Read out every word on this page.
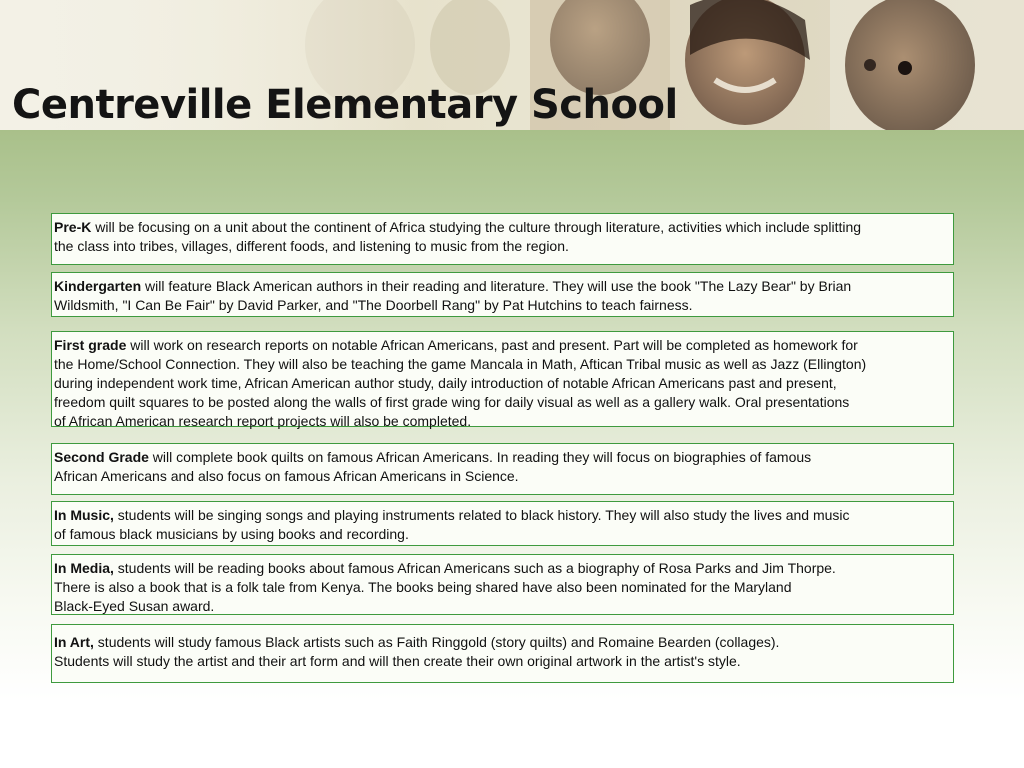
Centreville Elementary School
Pre-K will be focusing on a unit about the continent of Africa studying the culture through literature, activities which include splitting
the class into tribes, villages, different foods, and listening to music from the region.
Kindergarten will feature Black American authors in their reading and literature. They will use the book "The Lazy Bear" by Brian
Wildsmith, "I Can Be Fair" by David Parker, and "The Doorbell Rang" by Pat Hutchins to teach fairness.
First grade will work on research reports on notable African Americans, past and present. Part will be completed as homework for
the Home/School Connection. They will also be teaching the game Mancala in Math, Aftican Tribal music as well as Jazz (Ellington)
during independent work time, African American author study, daily introduction of notable African Americans past and present,
freedom quilt squares to be posted along the walls of first grade wing for daily visual as well as a gallery walk. Oral presentations
of African American research report projects will also be completed.
Second Grade will complete book quilts on famous African Americans. In reading they will focus on biographies of famous
African Americans and also focus on famous African Americans in Science.
In Music, students will be singing songs and playing instruments related to black history. They will also study the lives and music
of famous black musicians by using books and recording.
In Media, students will be reading books about famous African Americans such as a biography of Rosa Parks and Jim Thorpe.
There is also a book that is a folk tale from Kenya. The books being shared have also been nominated for the Maryland
Black-Eyed Susan award.
In Art, students will study famous Black artists such as Faith Ringgold (story quilts) and Romaine Bearden (collages).
Students will study the artist and their art form and will then create their own original artwork in the artist's style.
